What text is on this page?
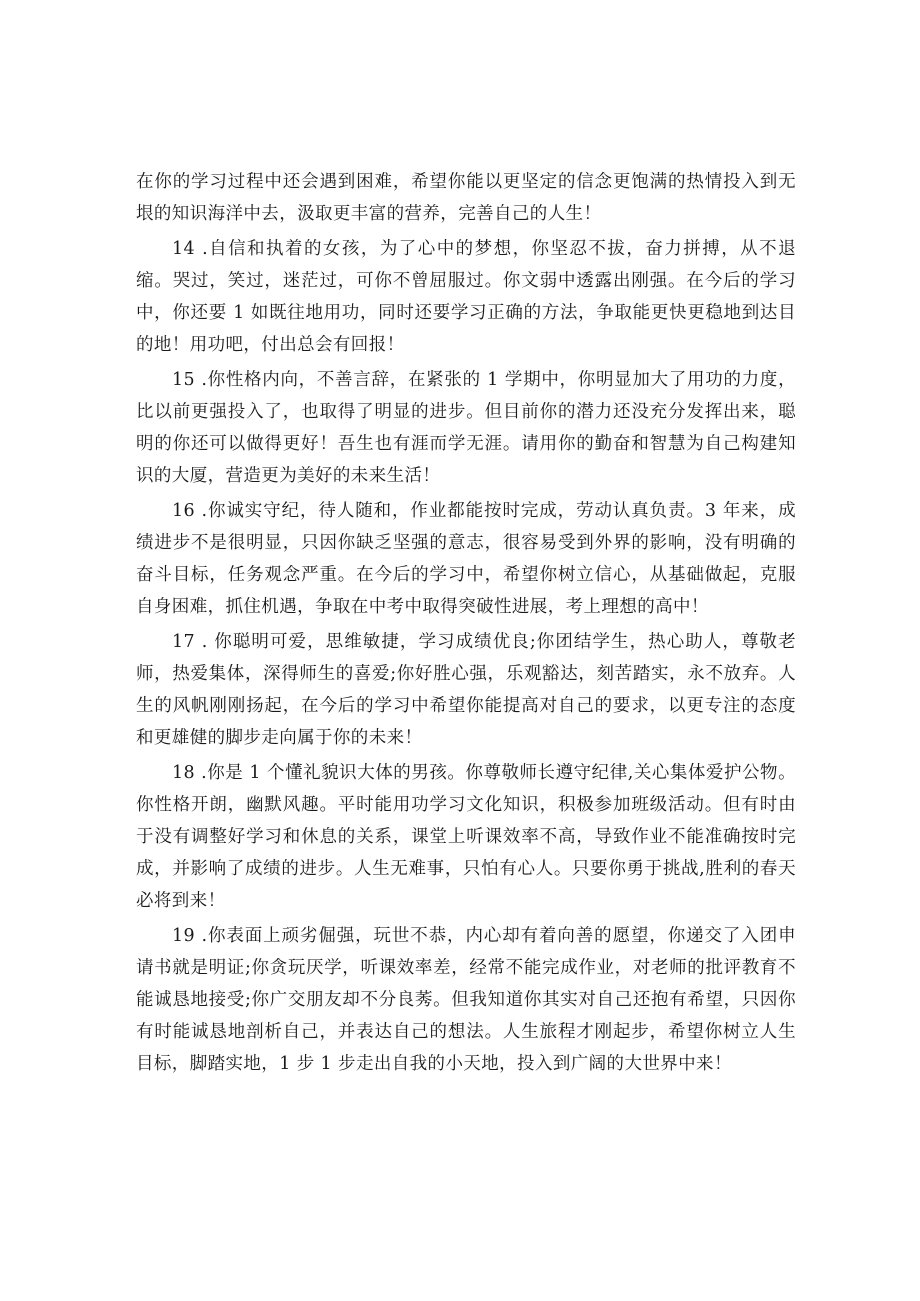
在你的学习过程中还会遇到困难，希望你能以更坚定的信念更饱满的热情投入到无垠的知识海洋中去，汲取更丰富的营养，完善自己的人生！

14 .自信和执着的女孩，为了心中的梦想，你坚忍不拔，奋力拼搏，从不退缩。哭过，笑过，迷茫过，可你不曾屈服过。你文弱中透露出刚强。在今后的学习中，你还要 1 如既往地用功，同时还要学习正确的方法，争取能更快更稳地到达目的地！用功吧，付出总会有回报！

15 .你性格内向，不善言辞，在紧张的 1 学期中，你明显加大了用功的力度，比以前更强投入了，也取得了明显的进步。但目前你的潜力还没充分发挥出来，聪明的你还可以做得更好！吾生也有涯而学无涯。请用你的勤奋和智慧为自己构建知识的大厦，营造更为美好的未来生活！

16 .你诚实守纪，待人随和，作业都能按时完成，劳动认真负责。3 年来，成绩进步不是很明显，只因你缺乏坚强的意志，很容易受到外界的影响，没有明确的奋斗目标，任务观念严重。在今后的学习中，希望你树立信心，从基础做起，克服自身困难，抓住机遇，争取在中考中取得突破性进展，考上理想的高中！

17 . 你聪明可爱，思维敏捷，学习成绩优良;你团结学生，热心助人，尊敬老师，热爱集体，深得师生的喜爱;你好胜心强，乐观豁达，刻苦踏实，永不放弃。人生的风帆刚刚扬起，在今后的学习中希望你能提高对自己的要求，以更专注的态度和更雄健的脚步走向属于你的未来！

18 .你是 1 个懂礼貌识大体的男孩。你尊敬师长遵守纪律,关心集体爱护公物。你性格开朗，幽默风趣。平时能用功学习文化知识，积极参加班级活动。但有时由于没有调整好学习和休息的关系，课堂上听课效率不高，导致作业不能准确按时完成，并影响了成绩的进步。人生无难事，只怕有心人。只要你勇于挑战,胜利的春天必将到来！

19 .你表面上顽劣倔强，玩世不恭，内心却有着向善的愿望，你递交了入团申请书就是明证;你贪玩厌学，听课效率差，经常不能完成作业，对老师的批评教育不能诚恳地接受;你广交朋友却不分良莠。但我知道你其实对自己还抱有希望，只因你有时能诚恳地剖析自己，并表达自己的想法。人生旅程才刚起步，希望你树立人生目标，脚踏实地，1 步 1 步走出自我的小天地，投入到广阔的大世界中来！
